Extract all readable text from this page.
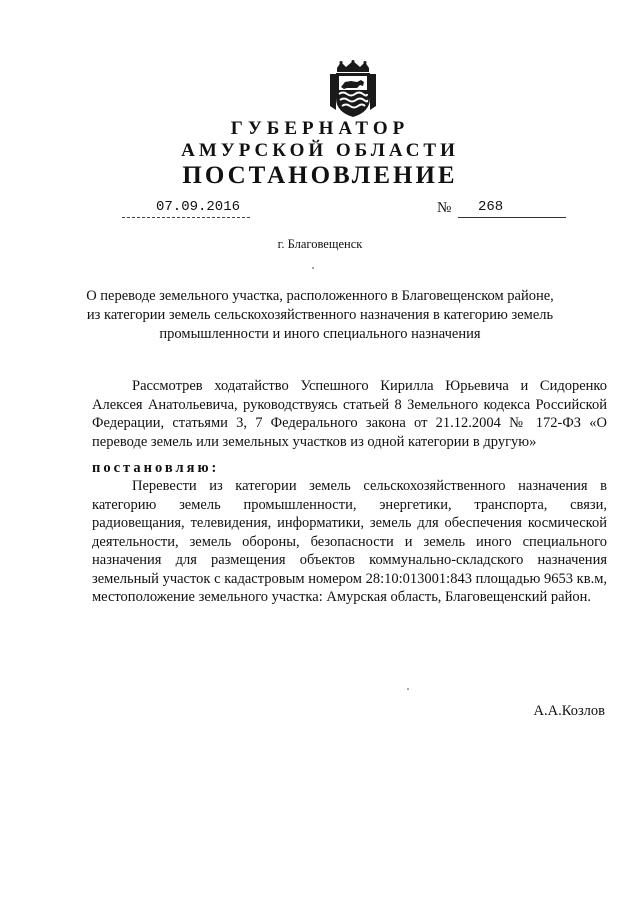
ГУБЕРНАТОР
АМУРСКОЙ ОБЛАСТИ
ПОСТАНОВЛЕНИЕ
07.09.2016	№ 268
г. Благовещенск
О переводе земельного участка, расположенного в Благовещенском районе, из категории земель сельскохозяйственного назначения в категорию земель промышленности и иного специального назначения
Рассмотрев ходатайство Успешного Кирилла Юрьевича и Сидоренко Алексея Анатольевича, руководствуясь статьей 8 Земельного кодекса Российской Федерации, статьями 3, 7 Федерального закона от 21.12.2004 № 172-ФЗ «О переводе земель или земельных участков из одной категории в другую»
постановляю:
Перевести из категории земель сельскохозяйственного назначения в категорию земель промышленности, энергетики, транспорта, связи, радиовещания, телевидения, информатики, земель для обеспечения космической деятельности, земель обороны, безопасности и земель иного специального назначения для размещения объектов коммунально-складского назначения земельный участок с кадастровым номером 28:10:013001:843 площадью 9653 кв.м, местоположение земельного участка: Амурская область, Благовещенский район.
А.А.Козлов
